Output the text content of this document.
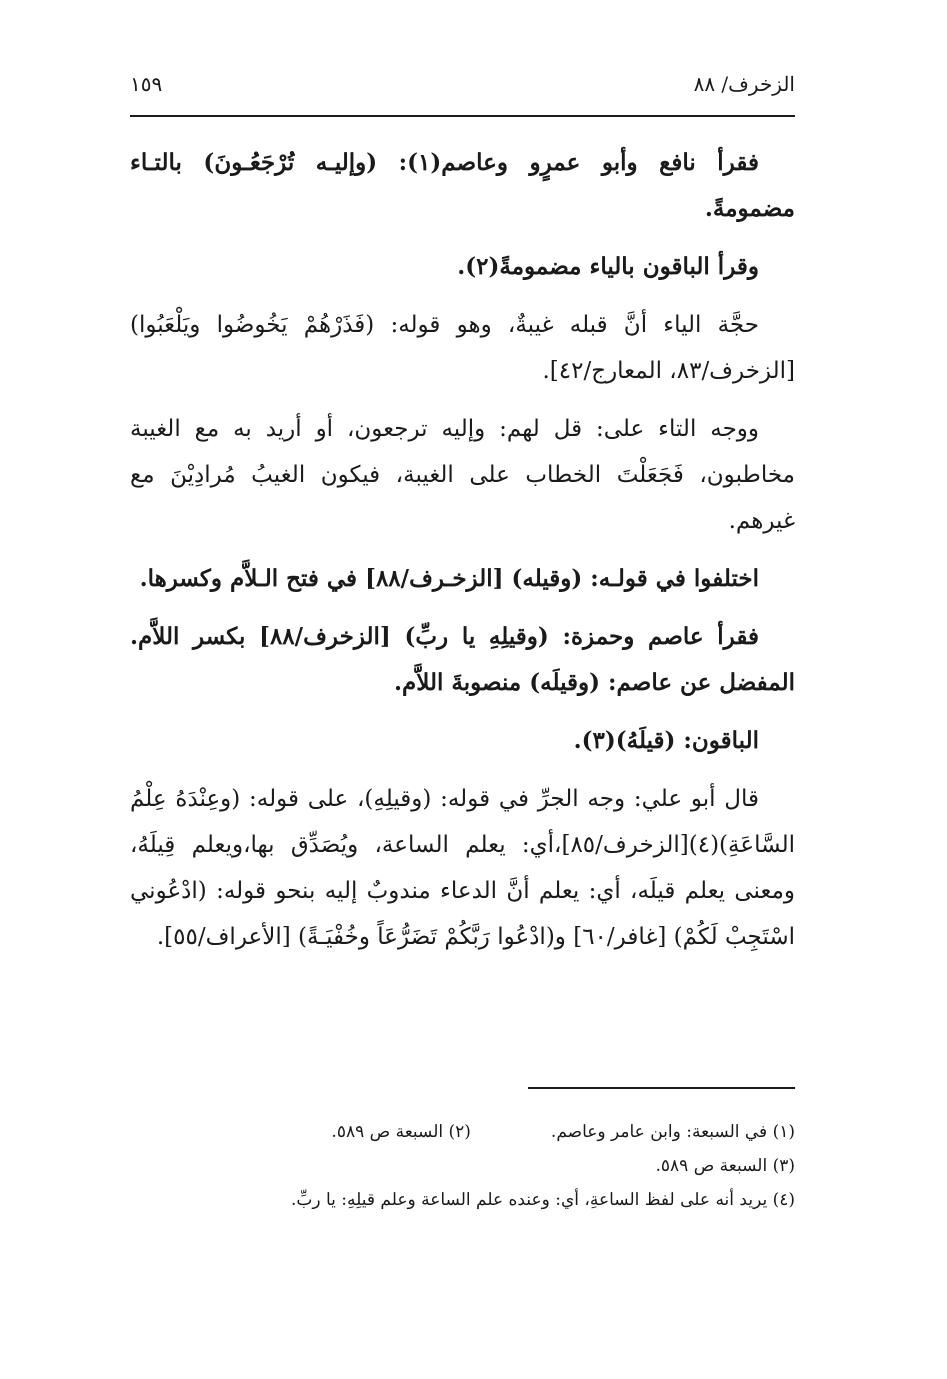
الزخرف/ ٨٨
١٥٩

فقرأ نافع وأبو عمرٍو وعاصم(١): (وإليـه تُرْجَعُـونَ) بالتـاء مضمومةً.

وقرأ الباقون بالياء مضمومةً(٢).

حجَّة الياء أنَّ قبله غيبةٌ، وهو قوله: (فَذَرْهُمْ يَخُوضُوا ويَلْعَبُوا) [الزخرف/٨٣، المعارج/٤٢].

ووجه التاء على: قل لهم: وإليه ترجعون، أو أريد به مع الغيبة مخاطبون، فَجَعَلْتَ الخطاب على الغيبة، فيكون الغيبُ مُرادِيْنَ مع غيرهم.

اختلفوا في قولـه: (وقيله) [الزخـرف/٨٨] في فتح الـلاَّم وكسرها.

فقرأ عاصم وحمزة: (وقيلِهِ يا ربِّ) [الزخرف/٨٨] بكسر اللاَّم. المفضل عن عاصم: (وقيلَه) منصوبةَ اللاَّم.

الباقون: (قيلَهُ)(٣).

قال أبو علي: وجه الجرِّ في قوله: (وقيلِهِ)، على قوله: (وعِنْدَهُ عِلْمُ السَّاعَةِ)(٤)[الزخرف/٨٥]،أي: يعلم الساعة، ويُصَدِّق بها،ويعلم قِيلَهُ، ومعنى يعلم قيلَه، أي: يعلم أنَّ الدعاء مندوبٌ إليه بنحو قوله: (ادْعُوني اسْتَجِبْ لَكُمْ) [غافر/٦٠] و(ادْعُوا رَبَّكُمْ تَضَرُّعَاً وخُفْيَـةً) [الأعراف/٥٥].

(١) في السبعة: وابن عامر وعاصم.(٢) السبعة ص ٥٨٩.
(٣) السبعة ص ٥٨٩.
(٤) يريد أنه على لفظ الساعةِ، أي: وعنده علم الساعة وعلم قيلِهِ: يا ربِّ.
